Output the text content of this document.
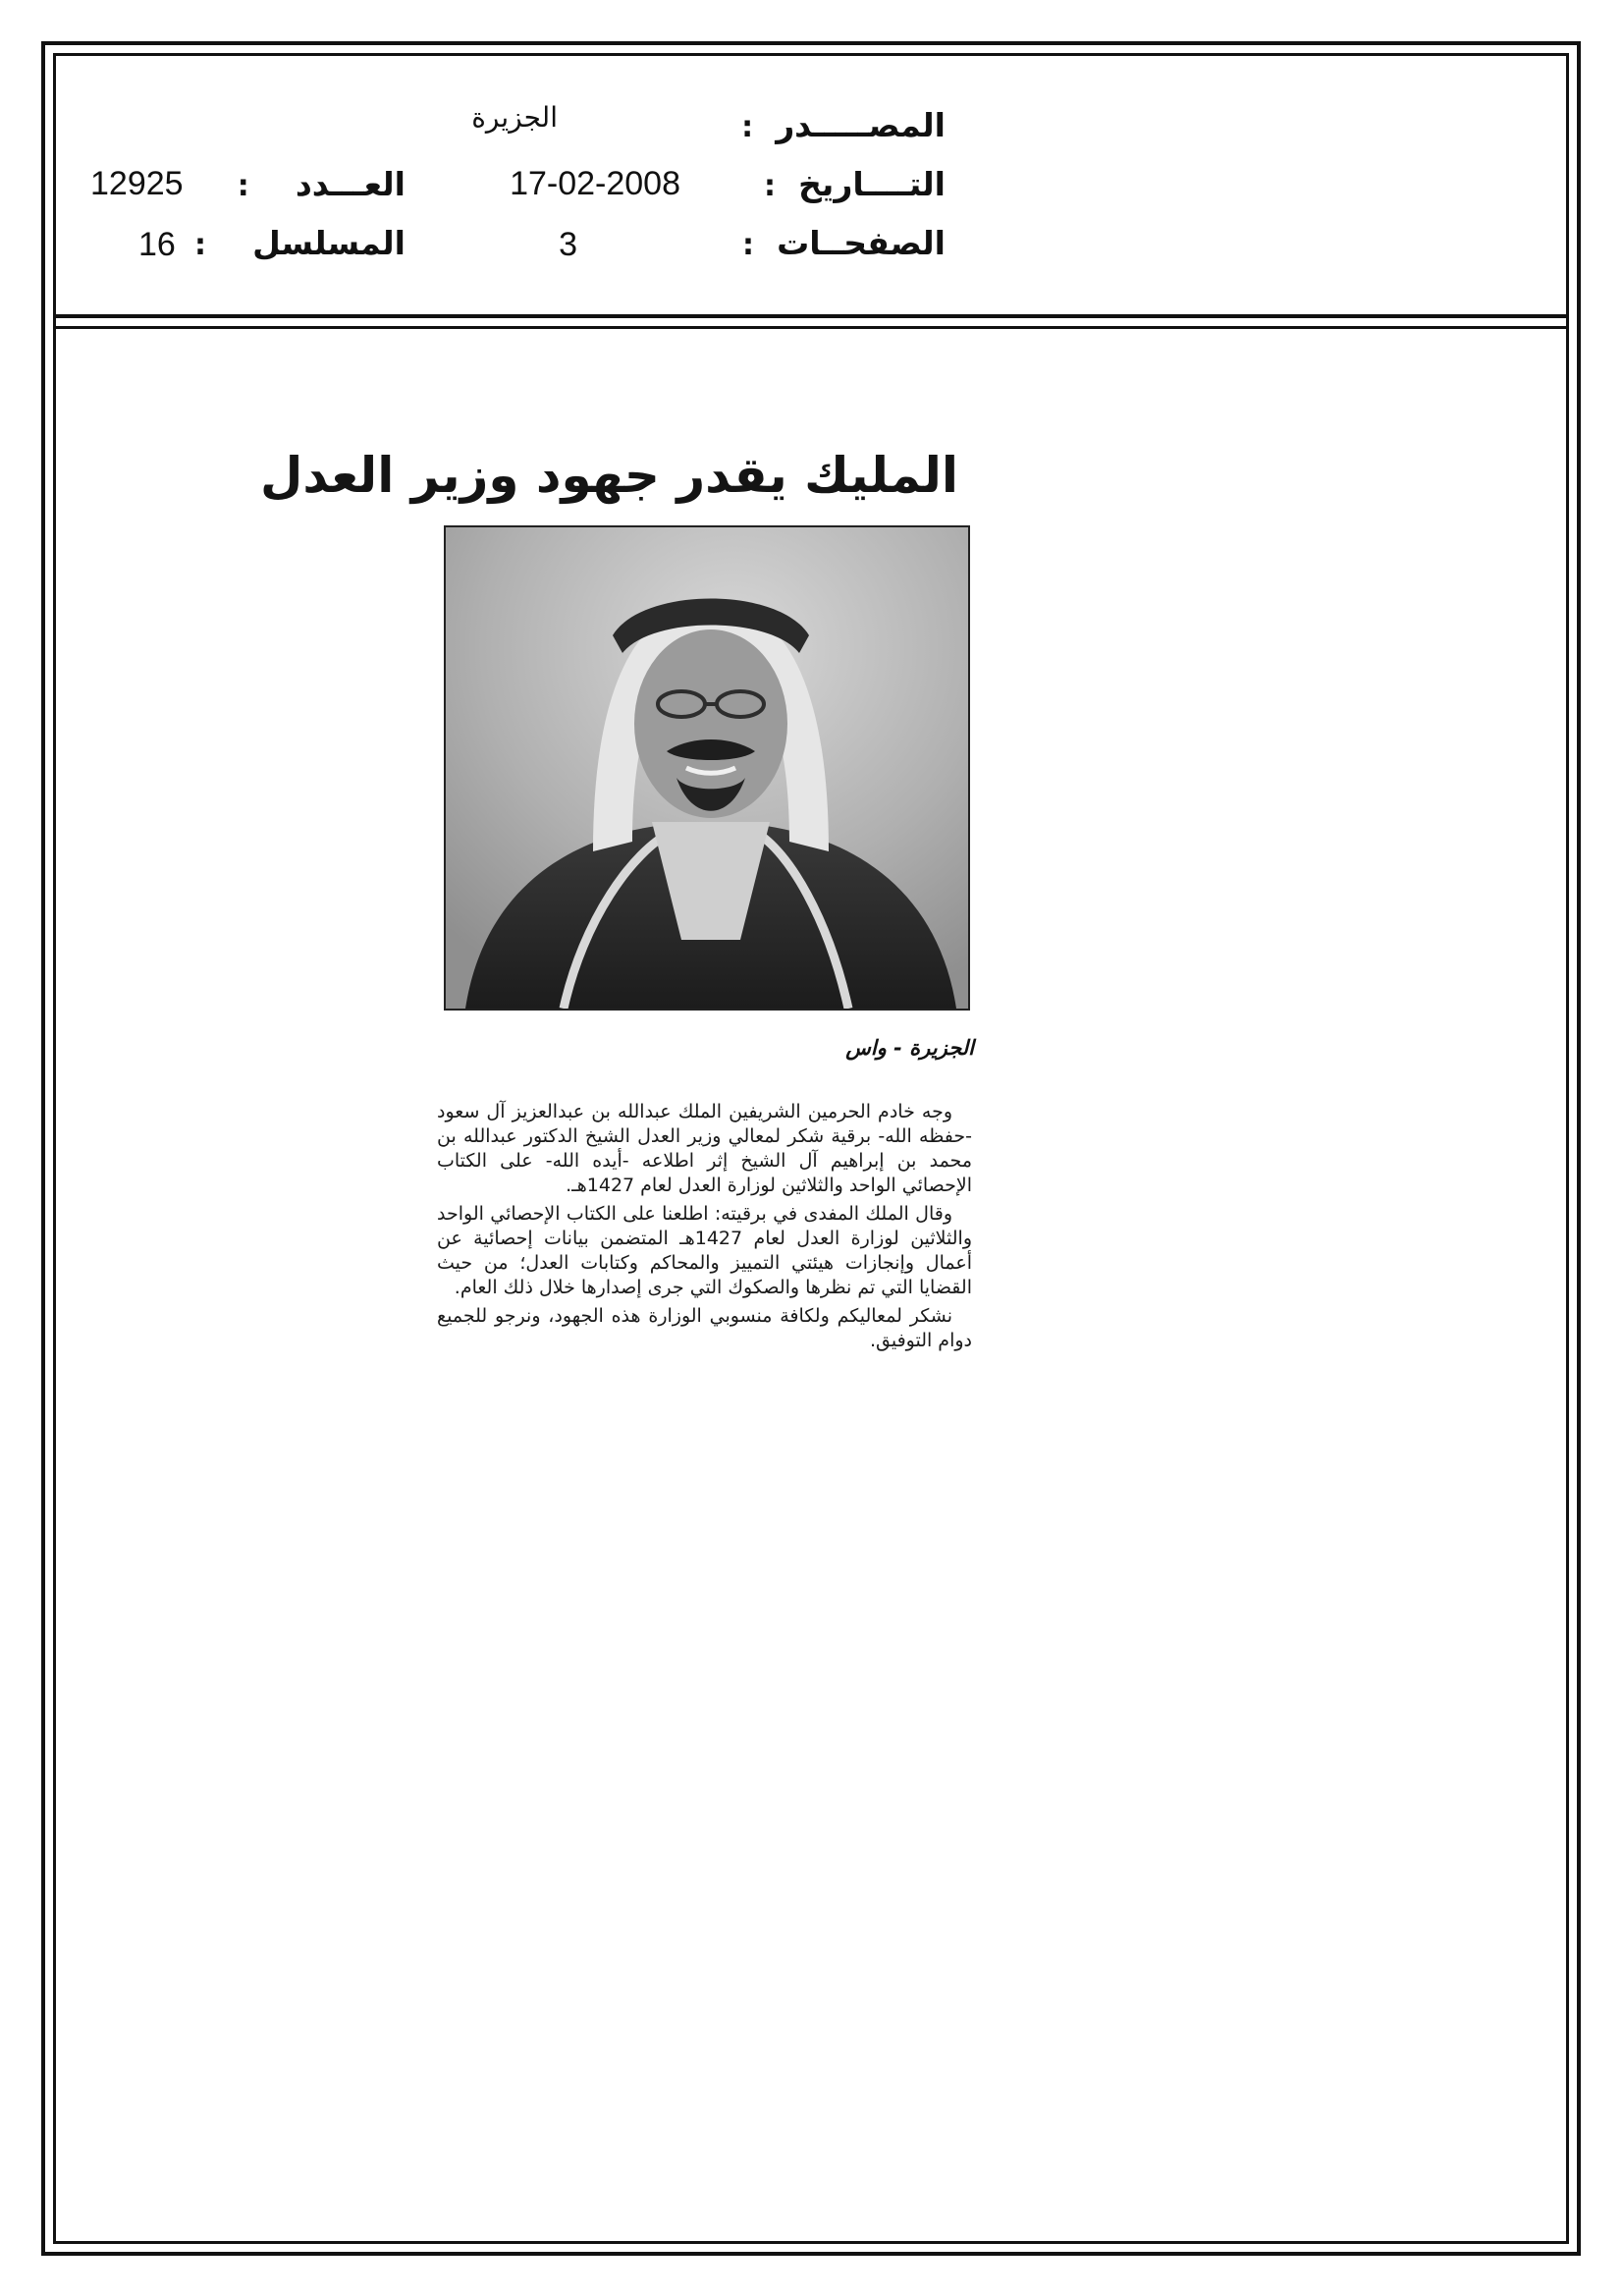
المصـــــدر :
الجزيرة
التــــاريخ :
17-02-2008
الصفحــات :
3
العـــدد :
12925
المسلسل :
16
المليك يقدر جهود وزير العدل
الجزيرة - واس

وجه خادم الحرمين الشريفين الملك عبدالله بن عبدالعزيز آل سعود -حفظه الله- برقية شكر لمعالي وزير العدل الشيخ الدكتور عبدالله بن محمد بن إبراهيم آل الشيخ إثر اطلاعه -أيده الله- على الكتاب الإحصائي الواحد والثلاثين لوزارة العدل لعام 1427هـ.

وقال الملك المفدى في برقيته: اطلعنا على الكتاب الإحصائي الواحد والثلاثين لوزارة العدل لعام 1427هـ المتضمن بيانات إحصائية عن أعمال وإنجازات هيئتي التمييز والمحاكم وكتابات العدل؛ من حيث القضايا التي تم نظرها والصكوك التي جرى إصدارها خلال ذلك العام.

نشكر لمعاليكم ولكافة منسوبي الوزارة هذه الجهود، ونرجو للجميع دوام التوفيق.
